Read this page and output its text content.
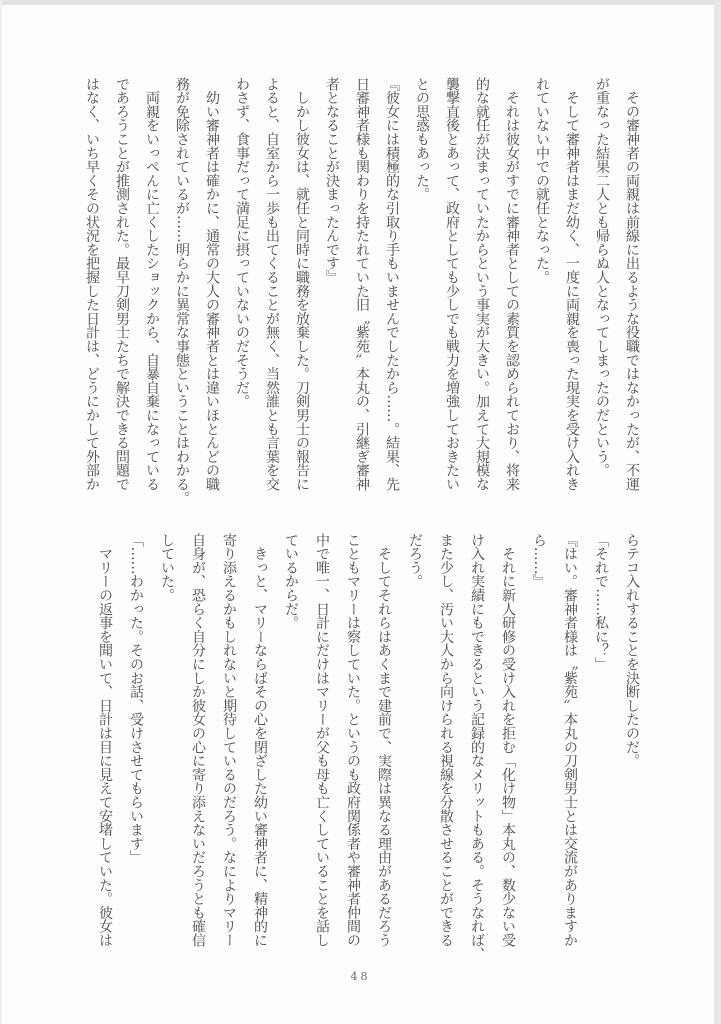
　その審神者の両親は前線に出るような役職ではなかったが、不運
が重なった結果二人とも帰らぬ人となってしまったのだという。
　そして審神者はまだ幼く、一度に両親を喪った現実を受け入れき
れていない中での就任となった。
　それは彼女がすでに審神者としての素質を認められており、将来
的な就任が決まっていたからという事実が大きい。加えて大規模な
襲撃直後とあって、政府としても少しでも戦力を増強しておきたい
との思惑もあった。
『彼女には積極的な引取り手もいませんでしたから……。結果、先
日審神者様も関わりを持たれていた旧〝紫苑〟本丸の、引継ぎ審神
者となることが決まったんです』
　しかし彼女は、就任と同時に職務を放棄した。刀剣男士の報告に
よると、自室から一歩も出てくることが無く、当然誰とも言葉を交
わさず、食事だって満足に摂っていないのだそうだ。
　幼い審神者は確かに、通常の大人の審神者とは違いほとんどの職
務が免除されているが……明らかに異常な事態ということはわかる。
　両親をいっぺんに亡くしたショックから、自暴自棄になっている
であろうことが推測された。最早刀剣男士たちで解決できる問題で
はなく、いち早くその状況を把握した日計は、どうにかして外部か
らテコ入れすることを決断したのだ。
「それで……私に？」
『はい。審神者様は〝紫苑〟本丸の刀剣男士とは交流がありますか
ら……』
　それに新人研修の受け入れを拒む「化け物」本丸の、数少ない受
け入れ実績にもできるという記録的なメリットもある。そうなれば、
また少し、汚い大人から向けられる視線を分散させることができる
だろう。
　そしてそれらはあくまで建前で、実際は異なる理由があるだろう
こともマリーは察していた。というのも政府関係者や審神者仲間の
中で唯一、日計にだけはマリーが父も母も亡くしていることを話し
ているからだ。
　きっと、マリーならばその心を閉ざした幼い審神者に、精神的に
寄り添えるかもしれないと期待しているのだろう。なによりマリー
自身が、恐らく自分にしか彼女の心に寄り添えないだろうとも確信
していた。
「……わかった。そのお話、受けさせてもらいます」
　マリーの返事を聞いて、日計は目に見えて安堵していた。彼女は
48
